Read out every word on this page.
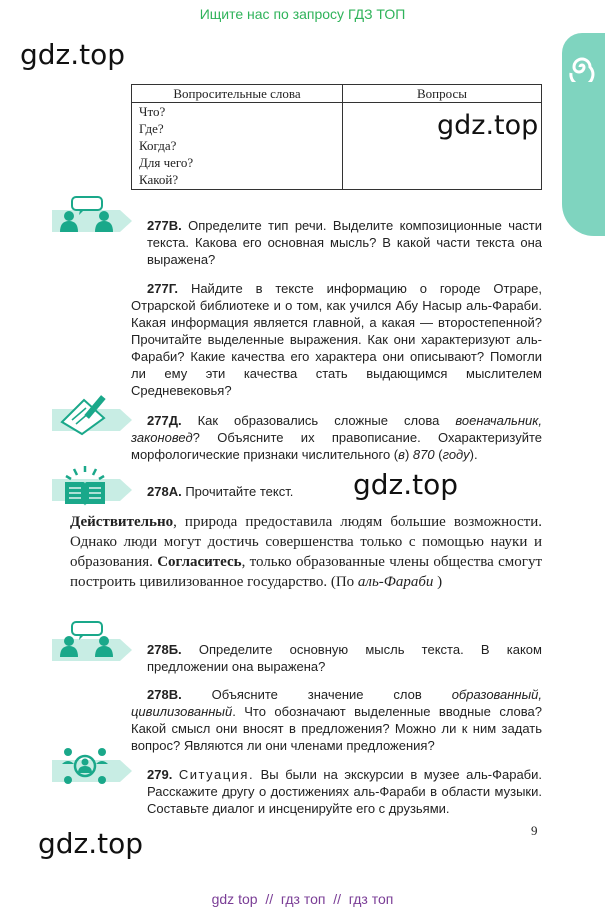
Ищите нас по запросу ГДЗ ТОП
gdz.top
gdz.top
gdz.top
gdz.top
Вопросительные слова	Вопросы

Что?
Где?
Когда?
Для чего?
Какой?	

277В. Определите тип речи. Выделите композиционные части текста. Какова его основная мысль? В какой части текста она выражена?
277Г. Найдите в тексте информацию о городе Отраре, Отрарской библиотеке и о том, как учился Абу Насыр аль-Фараби. Какая информация является главной, а какая — второстепенной? Прочитайте выделенные выражения. Как они характеризуют аль-Фараби? Какие качества его характера они описывают? Помогли ли ему эти качества стать выдающимся мыслителем Средневековья?
277Д. Как образовались сложные слова военачальник, законовед? Объясните их правописание. Охарактеризуйте морфологические признаки числительного (в) 870 (году).
278А. Прочитайте текст.
Действительно, природа предоставила людям большие возможности. Однако люди могут достичь совершенства только с помощью науки и образования. Согласитесь, только образованные члены общества смогут построить цивилизованное государство. (По аль-Фараби )
278Б. Определите основную мысль текста. В каком предложении она выражена?
278В. Объясните значение слов образованный, цивилизованный. Что обозначают выделенные вводные слова? Какой смысл они вносят в предложения? Можно ли к ним задать вопрос? Являются ли они членами предложения?
279. Ситуация. Вы были на экскурсии в музее аль-Фараби. Расскажите другу о достижениях аль-Фараби в области музыки. Составьте диалог и инсценируйте его с друзьями.
9
gdz top  //  гдз топ  //  гдз топ
